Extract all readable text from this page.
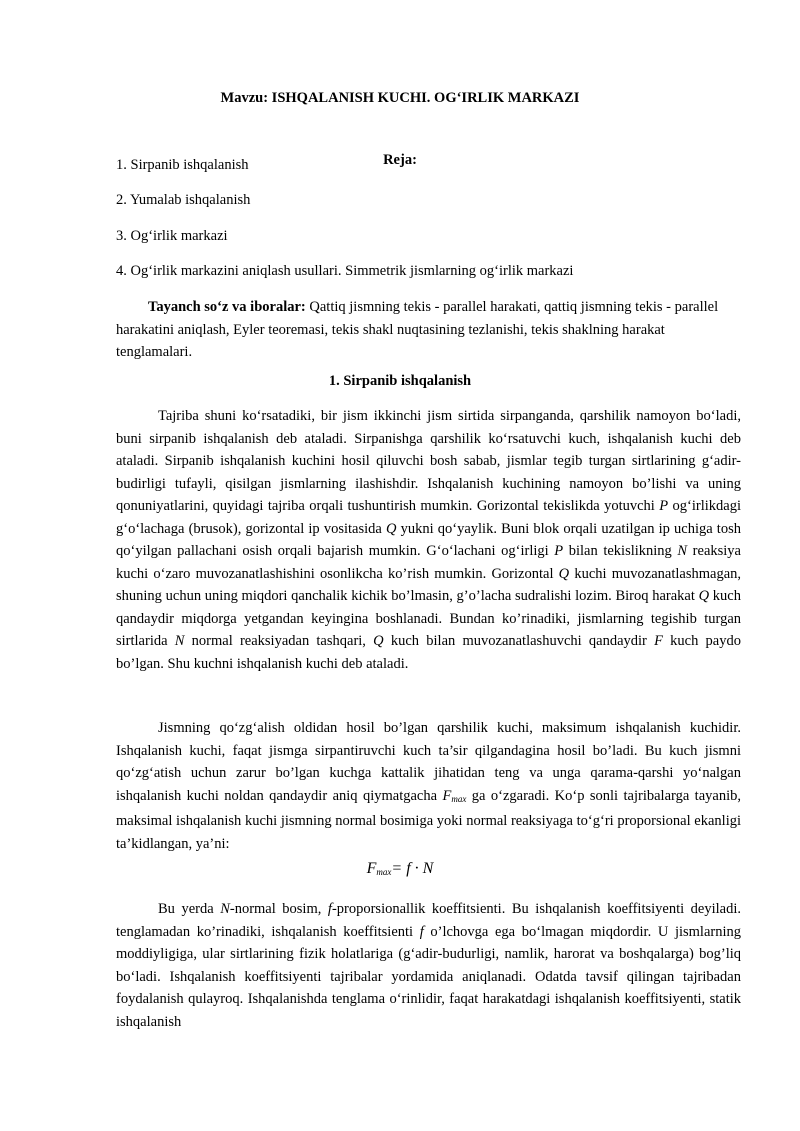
Mavzu: ISHQALANISH KUCHI. OG‘IRLIK MARKAZI
Reja:
1. Sirpanib ishqalanish
2. Yumalab ishqalanish
3. Og‘irlik markazi
4. Og‘irlik markazini aniqlash usullari. Simmetrik jismlarning og‘irlik markazi

Tayanch so‘z va iboralar: Qattiq jismning tekis - parallel harakati, qattiq jismning tekis - parallel harakatini aniqlash, Eyler teoremasi, tekis shakl nuqtasining tezlanishi, tekis shaklning harakat tenglamalari.

1. Sirpanib ishqalanish

Tajriba shuni ko‘rsatadiki, bir jism ikkinchi jism sirtida sirpanganda, qarshilik namoyon bo‘ladi, buni sirpanib ishqalanish deb ataladi. Sirpanishga qarshilik ko‘rsatuvchi kuch, ishqalanish kuchi deb ataladi. Sirpanib ishqalanish kuchini hosil qiluvchi bosh sabab, jismlar tegib turgan sirtlarining g‘adir-budirligi tufayli, qisilgan jismlarning ilashishdir. Ishqalanish kuchining namoyon bo’lishi va uning qonuniyatlarini, quyidagi tajriba orqali tushuntirish mumkin. Gorizontal tekislikda yotuvchi P og‘irlikdagi g‘o‘lachaga (brusok), gorizontal ip vositasida Q yukni qo‘yaylik. Buni blok orqali uzatilgan ip uchiga tosh qo‘yilgan pallachani osish orqali bajarish mumkin. G‘o‘lachani og‘irligi P bilan tekislikning N reaksiya kuchi o‘zaro muvozanatlashishini osonlikcha ko’rish mumkin. Gorizontal Q kuchi muvozanatlashmagan, shuning uchun uning miqdori qanchalik kichik bo’lmasin, g’o’lacha sudralishi lozim. Biroq harakat Q kuch qandaydir miqdorga yetgandan keyingina boshlanadi. Bundan ko’rinadiki, jismlarning tegishib turgan sirtlarida N normal reaksiyadan tashqari, Q kuch bilan muvozanatlashuvchi qandaydir F kuch paydo bo’lgan. Shu kuchni ishqalanish kuchi deb ataladi.

Jismning qo‘zg‘alish oldidan hosil bo’lgan qarshilik kuchi, maksimum ishqalanish kuchidir. Ishqalanish kuchi, faqat jismga sirpantiruvchi kuch ta’sir qilgandagina hosil bo’ladi. Bu kuch jismni qo‘zg‘atish uchun zarur bo’lgan kuchga kattalik jihatidan teng va unga qarama-qarshi yo‘nalgan ishqalanish kuchi noldan qandaydir aniq qiymatgacha $F_{max}$ ga o‘zgaradi. Ko‘p sonli tajribalarga tayanib, maksimal ishqalanish kuchi jismning normal bosimiga yoki normal reaksiyaga to‘g‘ri proporsional ekanligi ta’kidlangan, ya’ni:

$F_{max}= f \cdot N$

Bu yerda N-normal bosim, f-proporsionallik koeffitsienti. Bu ishqalanish koeffitsiyenti deyiladi. tenglamadan ko’rinadiki, ishqalanish koeffitsienti f o’lchovga ega bo‘lmagan miqdordir. U jismlarning moddiyligiga, ular sirtlarining fizik holatlariga (g‘adir-budurligi, namlik, harorat va boshqalarga) bog’liq bo‘ladi. Ishqalanish koeffitsiyenti tajribalar yordamida aniqlanadi. Odatda tavsif qilingan tajribadan foydalanish qulayroq. Ishqalanishda tenglama o‘rinlidir, faqat harakatdagi ishqalanish koeffitsiyenti, statik ishqalanish
